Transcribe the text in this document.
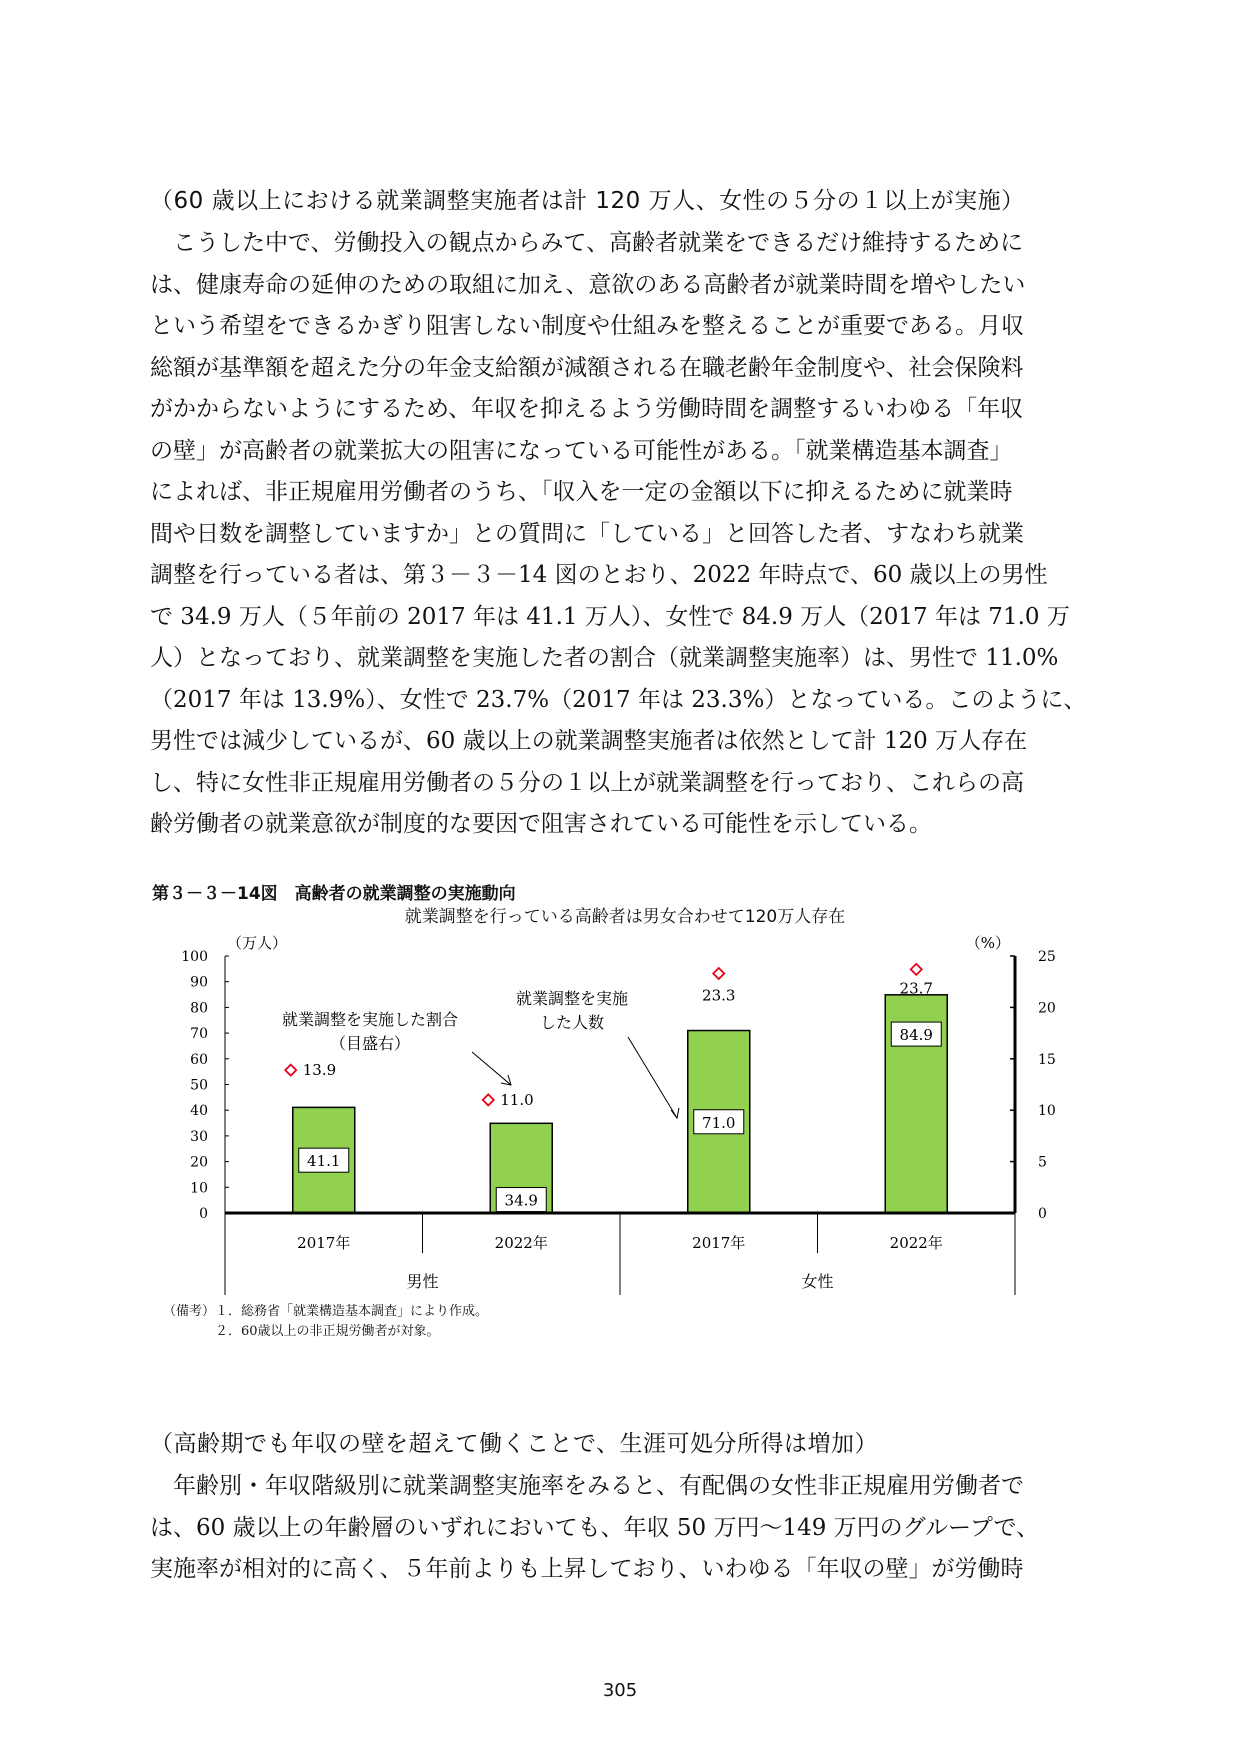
（60 歳以上における就業調整実施者は計 120 万人、女性の５分の１以上が実施）
　こうした中で、労働投入の観点からみて、高齢者就業をできるだけ維持するために
は、健康寿命の延伸のための取組に加え、意欲のある高齢者が就業時間を増やしたい
という希望をできるかぎり阻害しない制度や仕組みを整えることが重要である。月収
総額が基準額を超えた分の年金支給額が減額される在職老齢年金制度や、社会保険料
がかからないようにするため、年収を抑えるよう労働時間を調整するいわゆる「年収
の壁」が高齢者の就業拡大の阻害になっている可能性がある。「就業構造基本調査」
によれば、非正規雇用労働者のうち、「収入を一定の金額以下に抑えるために就業時
間や日数を調整していますか」との質問に「している」と回答した者、すなわち就業
調整を行っている者は、第３－３－14 図のとおり、2022 年時点で、60 歳以上の男性
で 34.9 万人（５年前の 2017 年は 41.1 万人）、女性で 84.9 万人（2017 年は 71.0 万
人）となっており、就業調整を実施した者の割合（就業調整実施率）は、男性で 11.0%
（2017 年は 13.9%）、女性で 23.7%（2017 年は 23.3%）となっている。このように、
男性では減少しているが、60 歳以上の就業調整実施者は依然として計 120 万人存在
し、特に女性非正規雇用労働者の５分の１以上が就業調整を行っており、これらの高
齢労働者の就業意欲が制度的な要因で阻害されている可能性を示している。
第３－３－14図　高齢者の就業調整の実施動向
就業調整を行っている高齢者は男女合わせて120万人存在
（万人）	（%）
0
10
20
30
40
50
60
70
80
90
100
0
5
10
15
20
25
41.1
34.9
71.0
84.9
13.9
11.0
23.3	23.7
2017年	2022年	2017年	2022年
男性	女性
就業調整を実施した割合
（目盛右）
就業調整を実施
した人数
（備考）１．総務省「就業構造基本調査」により作成。
　　　　２．60歳以上の非正規労働者が対象。
（高齢期でも年収の壁を超えて働くことで、生涯可処分所得は増加）
　年齢別・年収階級別に就業調整実施率をみると、有配偶の女性非正規雇用労働者で
は、60 歳以上の年齢層のいずれにおいても、年収 50 万円～149 万円のグループで、
実施率が相対的に高く、５年前よりも上昇しており、いわゆる「年収の壁」が労働時
305
